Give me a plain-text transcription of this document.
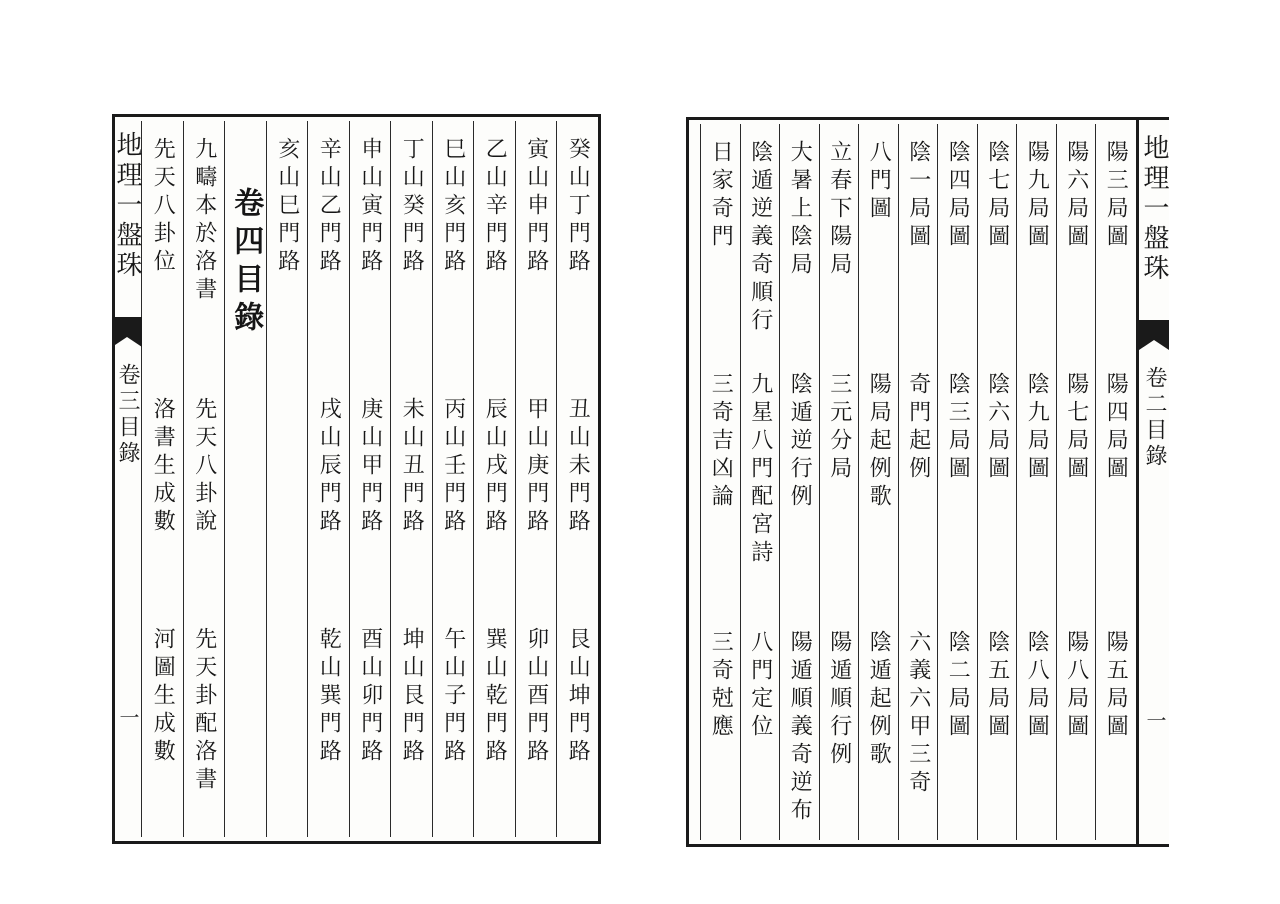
癸山丁門路
丑山未門路
艮山坤門路
寅山申門路
甲山庚門路
卯山酉門路
乙山辛門路
辰山戌門路
巽山乾門路
巳山亥門路
丙山壬門路
午山子門路
丁山癸門路
未山丑門路
坤山艮門路
申山寅門路
庚山甲門路
酉山卯門路
辛山乙門路
戌山辰門路
乾山巽門路
亥山巳門路
卷四目錄
九疇本於洛書
先天八卦說
先天卦配洛書
先天八卦位
洛書生成數
河圖生成數
地理一盤珠
卷三目錄
一
陽三局圖
陽四局圖
陽五局圖
陽六局圖
陽七局圖
陽八局圖
陽九局圖
陰九局圖
陰八局圖
陰七局圖
陰六局圖
陰五局圖
陰四局圖
陰三局圖
陰二局圖
陰一局圖
奇門起例
六義六甲三奇
八門圖
陽局起例歌
陰遁起例歌
立春下陽局
三元分局
陽遁順行例
大暑上陰局
陰遁逆行例
陽遁順義奇逆布
陰遁逆義奇順行
九星八門配宮詩
八門定位
日家奇門
三奇吉凶論
三奇尅應
地理一盤珠
卷二目錄
一
